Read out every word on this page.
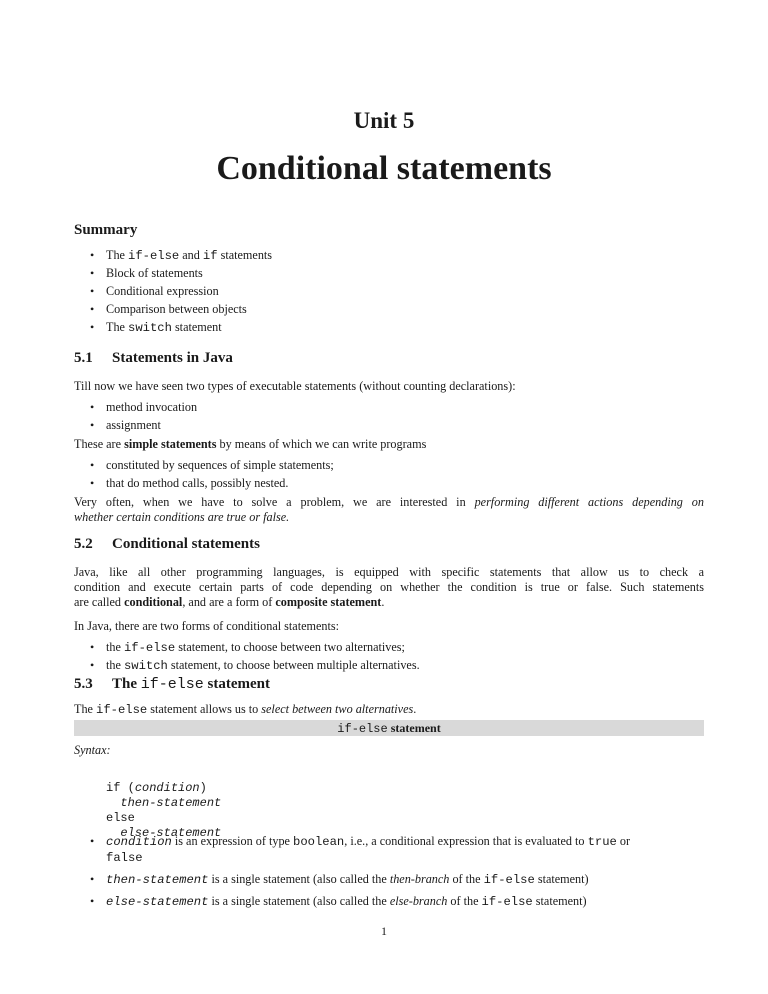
Unit 5
Conditional statements
Summary
• The if-else and if statements
• Block of statements
• Conditional expression
• Comparison between objects
• The switch statement
5.1 Statements in Java
Till now we have seen two types of executable statements (without counting declarations):
• method invocation
• assignment
These are simple statements by means of which we can write programs
• constituted by sequences of simple statements;
• that do method calls, possibly nested.
Very often, when we have to solve a problem, we are interested in performing different actions depending on
whether certain conditions are true or false.
5.2 Conditional statements
Java, like all other programming languages, is equipped with specific statements that allow us to check a
condition and execute certain parts of code depending on whether the condition is true or false. Such statements
are called conditional, and are a form of composite statement.
In Java, there are two forms of conditional statements:
• the if-else statement, to choose between two alternatives;
• the switch statement, to choose between multiple alternatives.
5.3 The if-else statement
The if-else statement allows us to select between two alternatives.
if-else statement
Syntax:
if (condition)
then-statement
else
else-statement
• condition is an expression of type boolean, i.e., a conditional expression that is evaluated to true or
false
• then-statement is a single statement (also called the then-branch of the if-else statement)
• else-statement is a single statement (also called the else-branch of the if-else statement)
1
